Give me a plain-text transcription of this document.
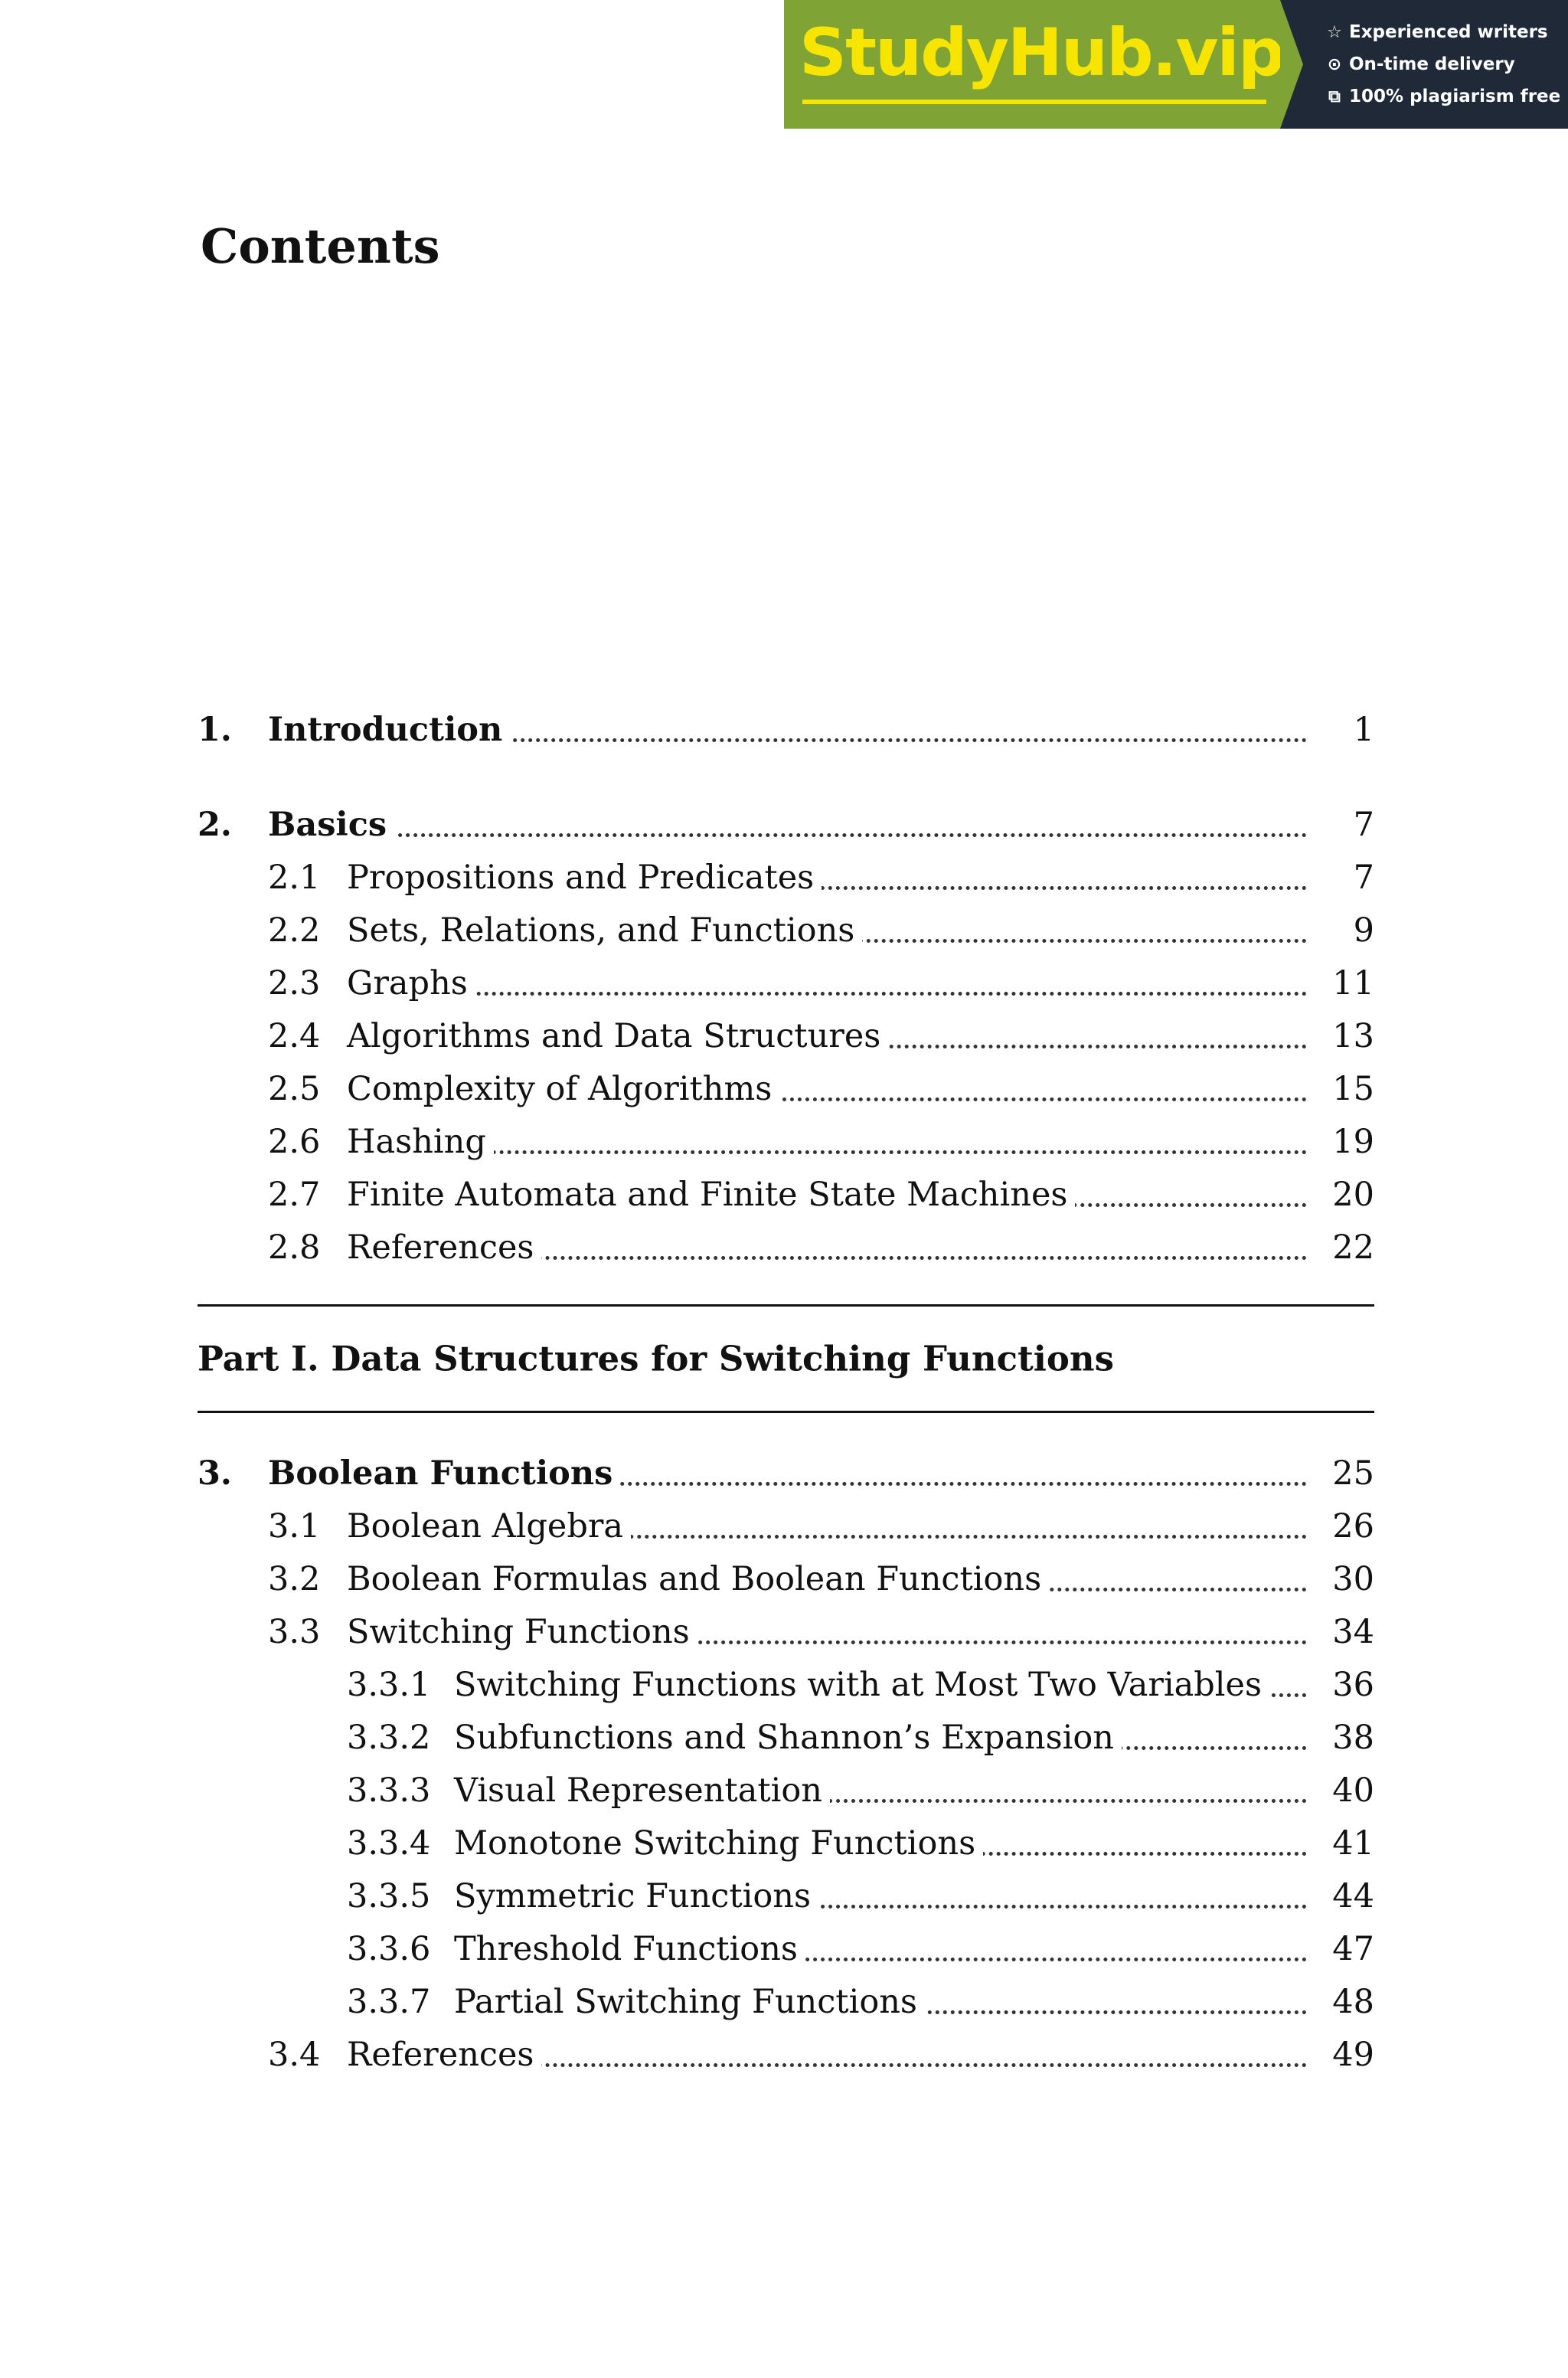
StudyHub.vip	☆ Experienced writers
⊙ On-time delivery
⧉ 100% plagiarism free
Contents
1. Introduction	1
2. Basics	7
2.1 Propositions and Predicates	7
2.2 Sets, Relations, and Functions	9
2.3 Graphs	11
2.4 Algorithms and Data Structures	13
2.5 Complexity of Algorithms	15
2.6 Hashing	19
2.7 Finite Automata and Finite State Machines	20
2.8 References	22
Part I. Data Structures for Switching Functions
3. Boolean Functions	25
3.1 Boolean Algebra	26
3.2 Boolean Formulas and Boolean Functions	30
3.3 Switching Functions	34
3.3.1 Switching Functions with at Most Two Variables 36
3.3.2 Subfunctions and Shannon’s Expansion	38
3.3.3 Visual Representation	40
3.3.4 Monotone Switching Functions	41
3.3.5 Symmetric Functions	44
3.3.6 Threshold Functions	47
3.3.7 Partial Switching Functions	48
3.4 References	49
